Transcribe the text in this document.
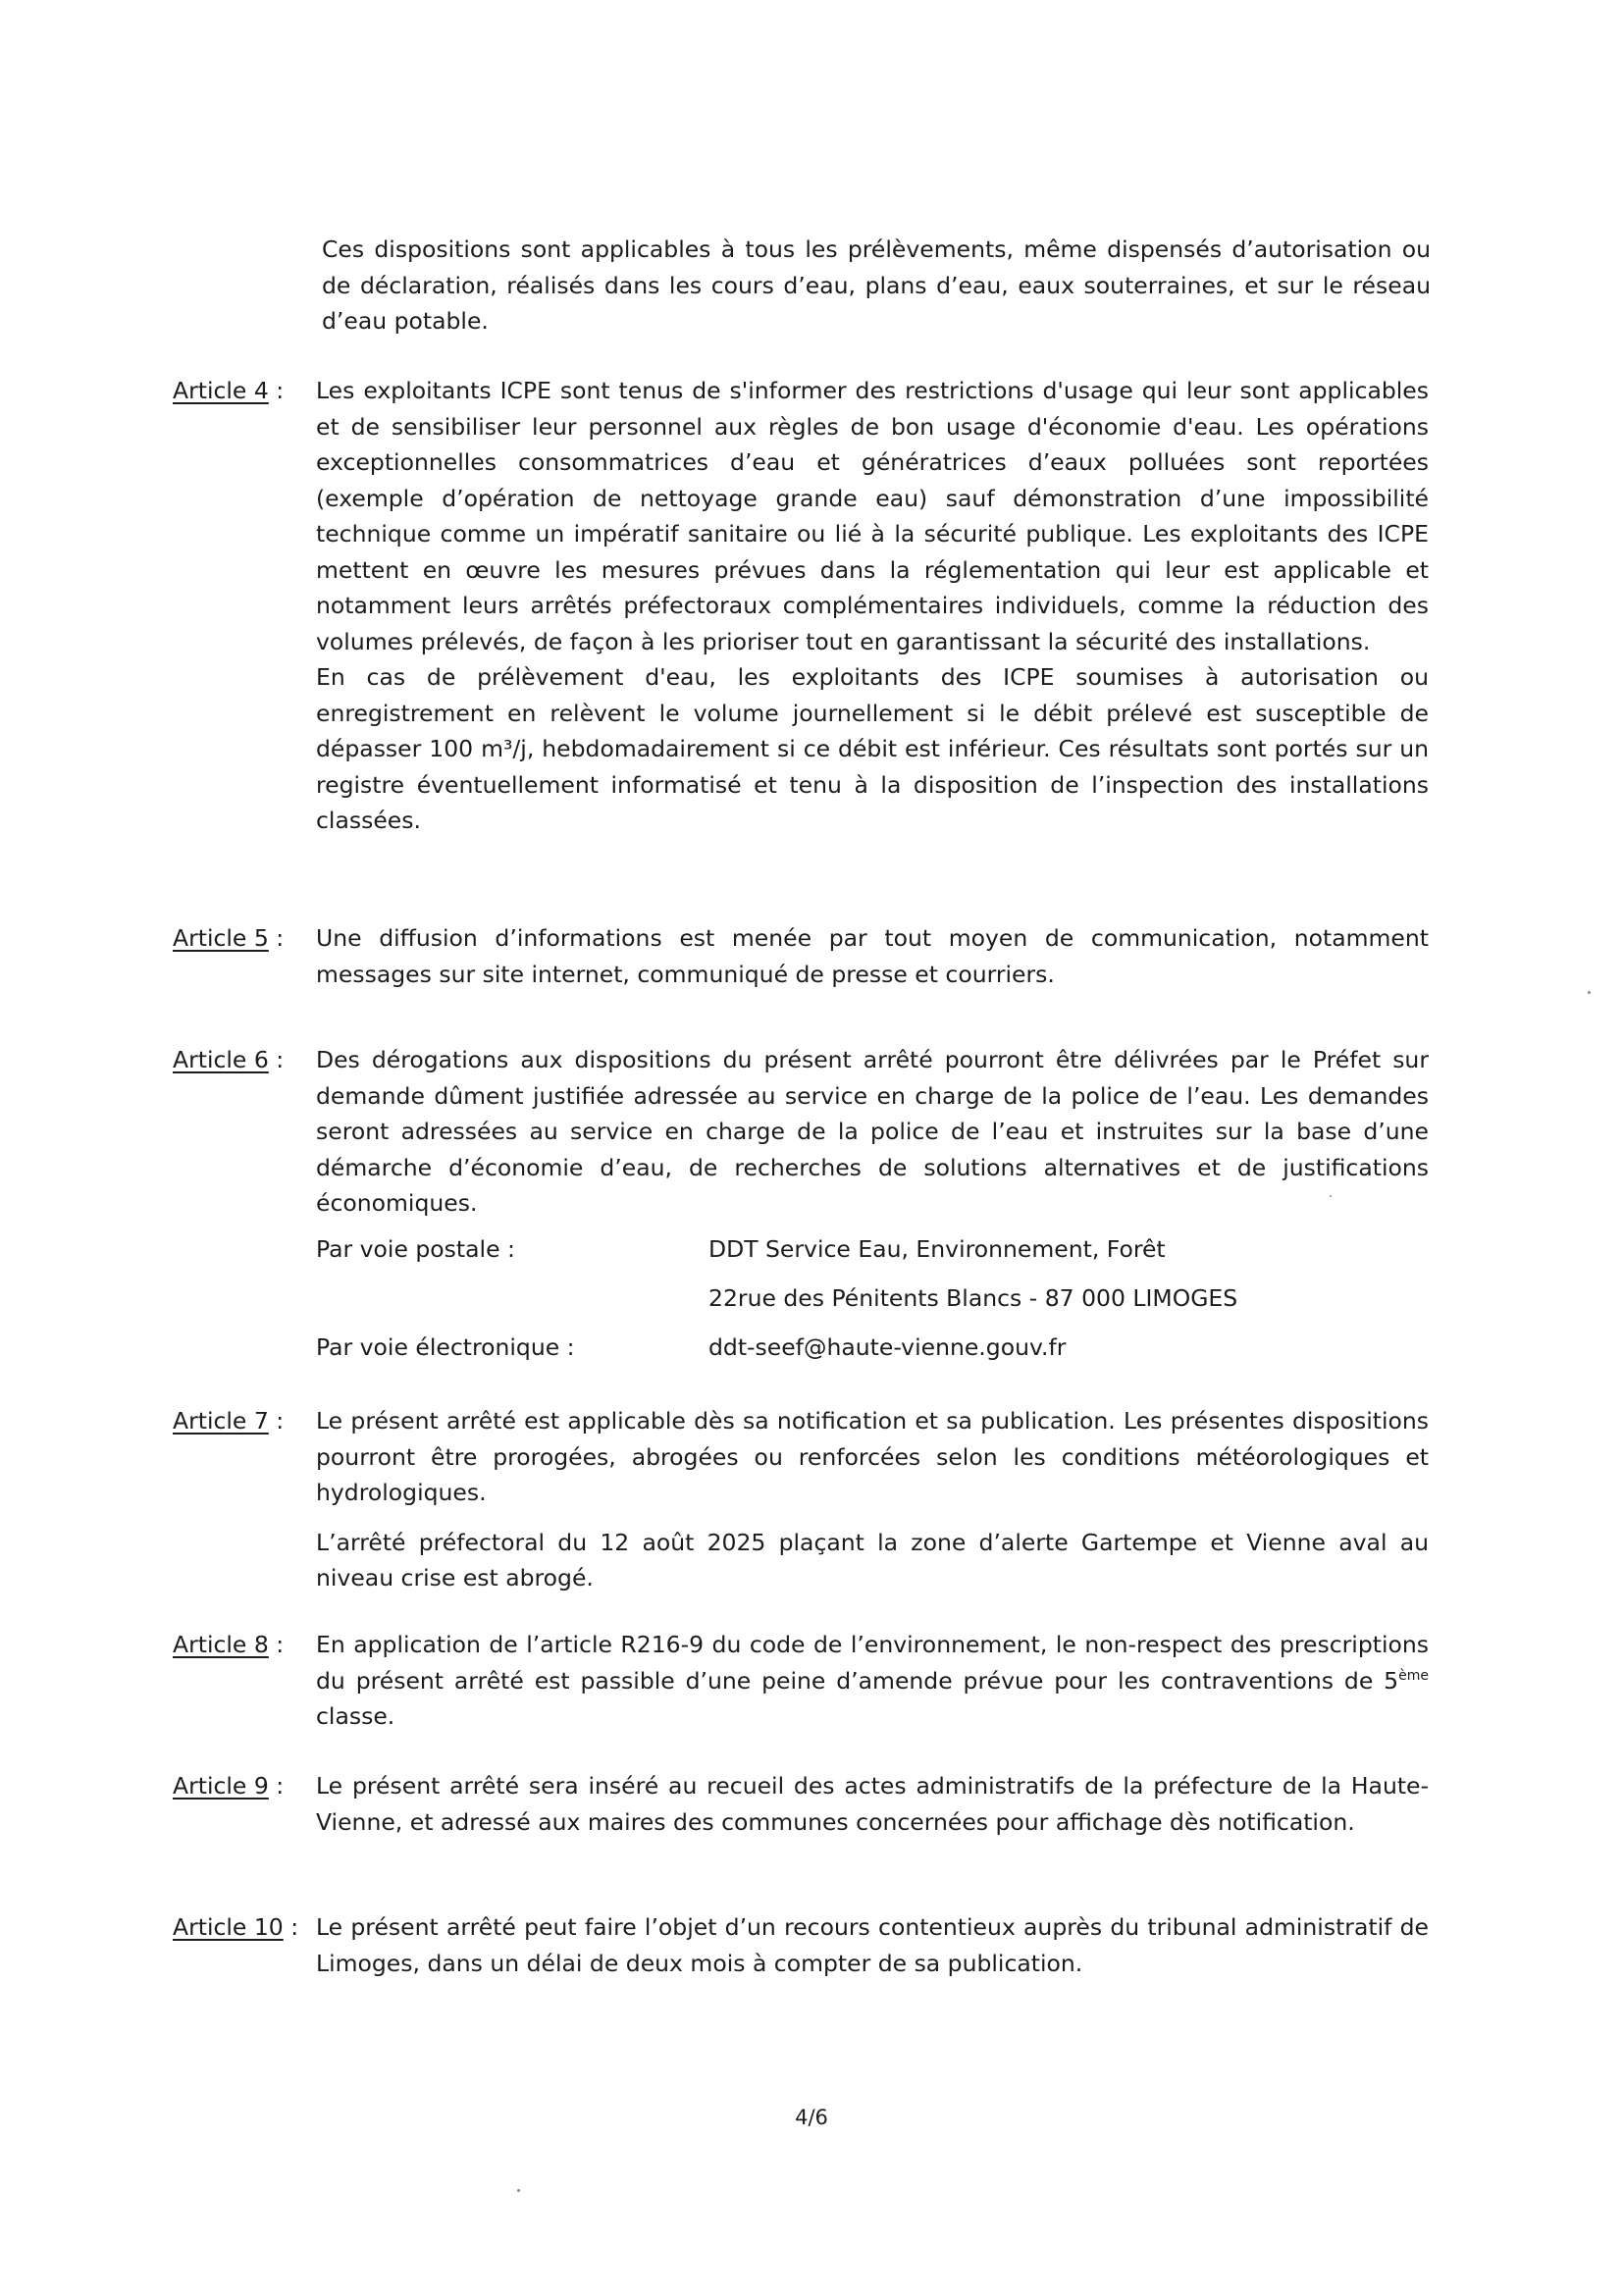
Ces dispositions sont applicables à tous les prélèvements, même dispensés d’autorisation ou de déclaration, réalisés dans les cours d’eau, plans d’eau, eaux souterraines, et sur le réseau d’eau potable.

Article 4 : Les exploitants ICPE sont tenus de s'informer des restrictions d'usage qui leur sont applicables et de sensibiliser leur personnel aux règles de bon usage d'économie d'eau. Les opérations exceptionnelles consommatrices d’eau et génératrices d’eaux polluées sont reportées (exemple d’opération de nettoyage grande eau) sauf démonstration d’une impossibilité technique comme un impératif sanitaire ou lié à la sécurité publique. Les exploitants des ICPE mettent en œuvre les mesures prévues dans la réglementation qui leur est applicable et notamment leurs arrêtés préfectoraux complémentaires individuels, comme la réduction des volumes prélevés, de façon à les prioriser tout en garantissant la sécurité des installations.

En cas de prélèvement d'eau, les exploitants des ICPE soumises à autorisation ou enregistrement en relèvent le volume journellement si le débit prélevé est susceptible de dépasser 100 m³/j, hebdomadairement si ce débit est inférieur. Ces résultats sont portés sur un registre éventuellement informatisé et tenu à la disposition de l’inspection des installations classées.

Article 5 : Une diffusion d’informations est menée par tout moyen de communication, notamment messages sur site internet, communiqué de presse et courriers.

Article 6 : Des dérogations aux dispositions du présent arrêté pourront être délivrées par le Préfet sur demande dûment justifiée adressée au service en charge de la police de l’eau. Les demandes seront adressées au service en charge de la police de l’eau et instruites sur la base d’une démarche d’économie d’eau, de recherches de solutions alternatives et de justifications économiques.

Par voie postale :	DDT Service Eau, Environnement, Forêt
22rue des Pénitents Blancs - 87 000 LIMOGES
Par voie électronique :	ddt-seef@haute-vienne.gouv.fr
Article 7 : Le présent arrêté est applicable dès sa notification et sa publication. Les présentes dispositions pourront être prorogées, abrogées ou renforcées selon les conditions météorologiques et hydrologiques.

L’arrêté préfectoral du 12 août 2025 plaçant la zone d’alerte Gartempe et Vienne aval au niveau crise est abrogé.

Article 8 : En application de l’article R216-9 du code de l’environnement, le non-respect des prescriptions du présent arrêté est passible d’une peine d’amende prévue pour les contraventions de 5ème classe.

Article 9 : Le présent arrêté sera inséré au recueil des actes administratifs de la préfecture de la Haute-Vienne, et adressé aux maires des communes concernées pour affichage dès notification.

Article 10 : Le présent arrêté peut faire l’objet d’un recours contentieux auprès du tribunal administratif de Limoges, dans un délai de deux mois à compter de sa publication.

4/6
